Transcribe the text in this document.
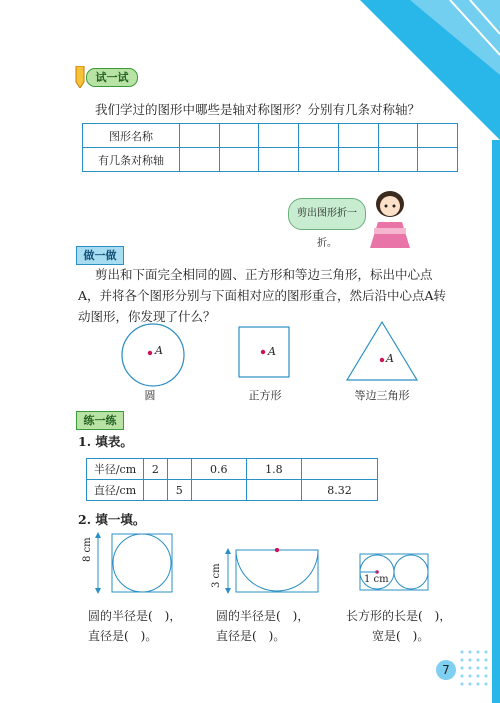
试一试
我们学过的图形中哪些是轴对称图形？分别有几条对称轴？
图形名称							
有几条对称轴							
剪出图形折一折。
做一做
剪出和下面完全相同的圆、正方形和等边三角形，标出中心点
A，并将各个图形分别与下面相对应的图形重合，然后沿中心点A转
动图形，你发现了什么？
A
圆
A
正方形
A
等边三角形
练一练
1. 填表。
半径/cm	2		0.6	1.8	
直径/cm		5			8.32
2. 填一填。
8 cm
3 cm	1 cm
圆的半径是(　)，
直径是(　)。
圆的半径是(　)，
直径是(　)。
长方形的长是(　)，
宽是(　)。
7
